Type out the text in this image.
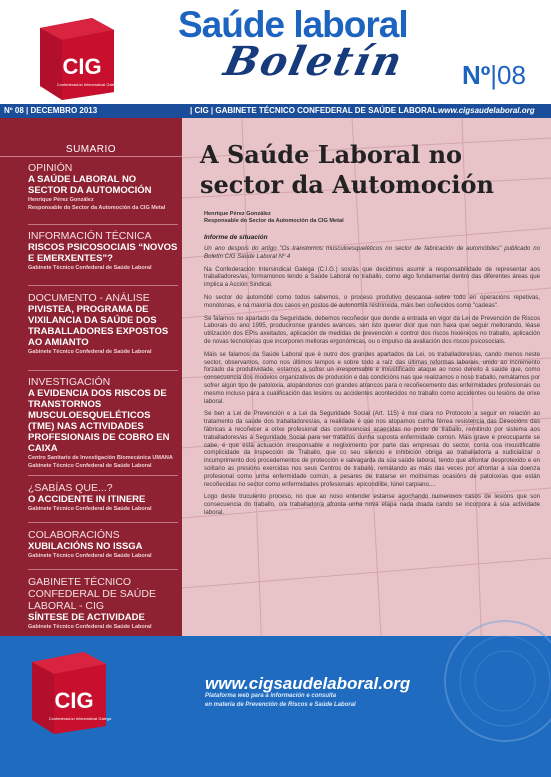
CIG
Confederación Intersindical Galega
Saúde laboral
Boletín Nº|08
Nº 08 | DECEMBRO 2013	| CIG | GABINETE TÉCNICO CONFEDERAL DE SAÚDE LABORAL www.cigsaudelaboral.org
SUMARIO
OPINIÓN
A SAÚDE LABORAL NO SECTOR DA AUTOMOCIÓN
Henrique Pérez González
Responsable do Sector da Automoción da CIG Metal
INFORMACIÓN TÉCNICA
RISCOS PSICOSOCIAIS “NOVOS E EMERXENTES”?
Gabinete Técnico Confederal de Saúde Laboral
DOCUMENTO - ANÁLISE
PIVISTEA, PROGRAMA DE VIXILANCIA DA SAÚDE DOS TRABALLADORES EXPOSTOS AO AMIANTO
Gabinete Técnico Confederal de Saúde Laboral
INVESTIGACIÓN
A EVIDENCIA DOS RISCOS DE TRANSTORNOS MUSCULOESQUELÉTICOS (TME) NAS ACTIVIDADES PROFESIONAIS DE COBRO EN CAIXA
Centro Sanitario de Investigación Biomecánica UMANA
Gabinete Técnico Confederal de Saúde Laboral
¿SABÍAS QUE...?
O ACCIDENTE IN ITINERE
Gabinete Técnico Confederal de Saúde Laboral
COLABORACIÓNS
XUBILACIÓNS NO ISSGA
Gabinete Técnico Confederal de Saúde Laboral
GABINETE TÉCNICO CONFEDERAL DE SAÚDE LABORAL - CIG
SÍNTESE DE ACTIVIDADE
Gabinete Técnico Confederal de Saúde Laboral
A Saúde Laboral no sector da Automoción
Henrique Pérez González
Responsable do Sector da Automoción da CIG Metal
Informe de situación

Un ano despois do artigo "Os transtornos musculoesqueléticos no sector de fabricación de automóbiles" publicado no Boletín CIG Saúde Laboral Nº 4

Na Confederación Intersindical Galega (C.I.G.) sos/ás que decidimos asumir a responsabilidade de representar aos traballadores/as, formamonos tendo a Saúde Laboral no traballo, como algo fundamental dentro das diferentes áreas que implica a Acción Sindical.

No sector do automóbil como todos sabemos, o proceso produtivo descansa sobre todo en operacións repetivas, monótonas, e na maioría dos casos en postos de autonomía restrinxida, máis ben coñecidos como "cadeas".

Se falamos no apartado da Seguridade, debemos recoñecer que dende a entrada en vigor da Lei de Prevención de Riscos Laborais do ano 1995, producironse grandes avances, sen isto querer dicir que non haxa que seguir mellorando, léase utilización dos EPIs axeitados, aplicación de medidas de prevención e control dos riscos hixiénicos no traballo, aplicación de novas tecnoloxías que incorporen melloras ergonómicas, ou o impulso da avaliación dos riscos psicosociais.

Máis se falamos da Saúde Laboral que é outro dos grandes apartados da Lei, os traballadores/as, cando menos neste sector, observamos, como nos últimos tempos e sobre todo a raíz das últimas reformas laborais, unido ao incremento forzado da produtividade, estamos a sofrer un irresponsable e inxustificado ataque ao noso dereito á saúde que, como consecuencia dos modelos organizativos de produción e das condicións nas que realizamos o noso traballo, remátamos por sofrer algún tipo de patoloxía, atopándonos con grandes atrancos para o recoñecemento das enfermidades profesionais ou mesmo incluso para a cualificación das lesións ou accidentes acontecidos no traballo como accidentes ou lesións de orixe laboral.

Se ben a Lei de Prevención e a Lei da Seguridade Social (Art. 115) é moi clara no Protocolo a seguir en relación ao tratamento da saúde dos traballadores/as, a realidade é que nos atopamos cunha férrea resistencia das Direccións das fábricas a recoñecer a orixe profesional das continxencias acaecidas no posto de traballo, remitindo por sistema aos traballadores/as á Seguridade Social para ser tratados dunha suposta enfermidade común. Máis grave e preocupante se cabe, é que esta actuación irresponsable e negliximento por parte das empresas do sector, conta coa inxustificable complicidade da Inspección de Traballo, que co seu silencio e inhibición obriga ao traballador/a a xudicializar o incumprimento dos procedementos de protección e salvagarda da súa saúde laboral, tendo que afrontar desprotexido e en solitario as presións exercidas nos seus Centros de traballo, remátando as máis das veces por afrontar a súa doenza profesional como unha enfermidade común, a pesares de tratarse en moitísimas ocasións de patoloxías que están recoñecidas no sector como enfermidades profesionais: epicondilite, túnel carpiano,...

Logo deste truculento proceso, no que ao noso entender estanse agochando numerosos casos de lesións que son consecuencia do traballo, o/a traballador/a afronta unha nova etapa nada doada cando se incorpora á súa actividade laboral.

CIG
Confederación Intersindical Galega
www.cigsaudelaboral.org
Plataforma web para a información e consulta
en materia de Prevención de Riscos e Saúde Laboral
